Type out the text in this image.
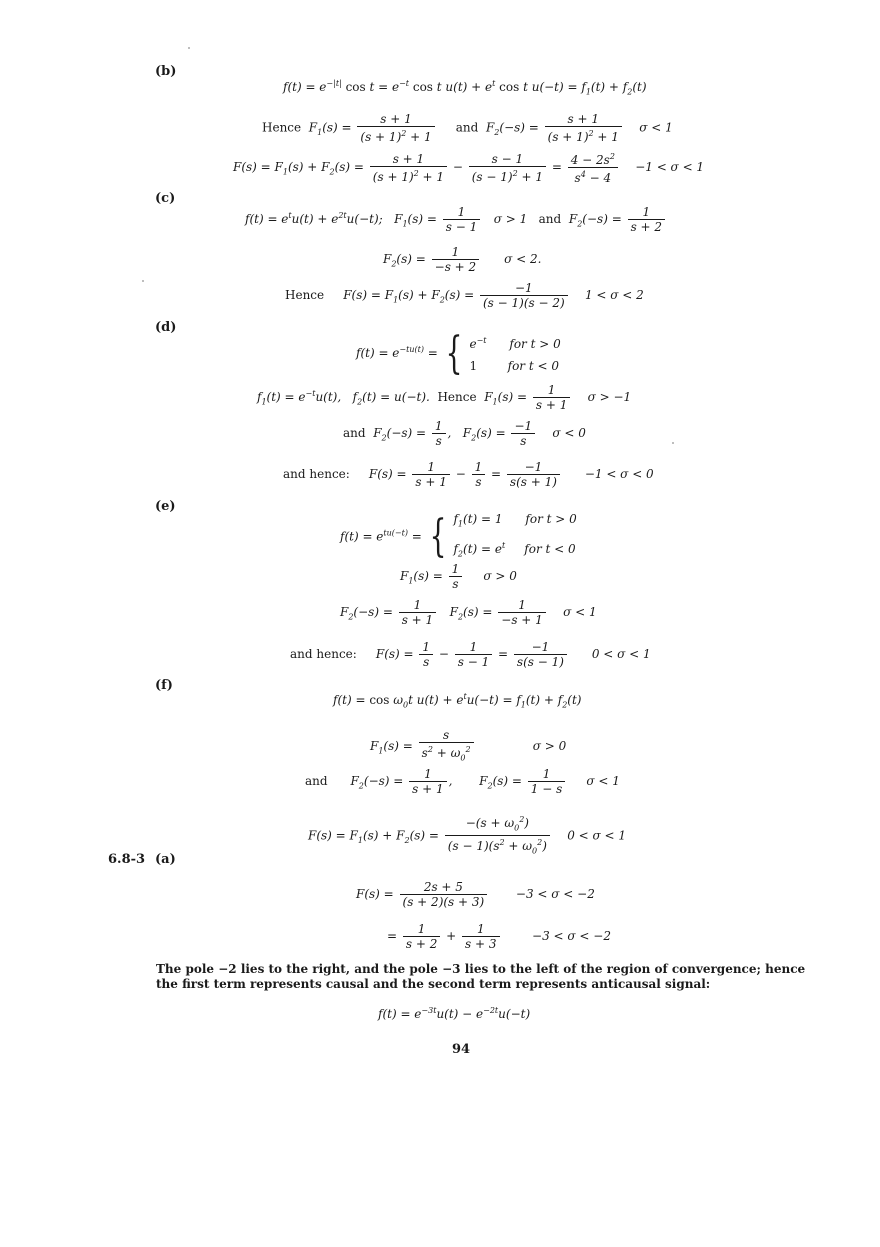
(b)
$f(t) = e^{-|t|}$ $\cos t = e^{-t}$ cos t $u(t) + e^t$ cos t $u(-t) = f_1(t) + f_2(t)$
Hence  $F_1(s) = \frac{s + 1}{(s + 1)^2 + 1}$ and  $F_2(-s) = \frac{s + 1}{(s + 1)^2 + 1}$ σ < 1
$F(s) = F_1(s) + F_2(s) = \frac{s + 1}{(s + 1)^2 + 1} - \frac{s - 1}{(s - 1)^2 + 1} = \frac{4 - 2s^2}{s^4 - 4} -1 < \sigma < 1$
(c)
$f(t) = e^tu(t) + e^{2t}u(-t)$;   $F_1(s) = \frac{1}{s - 1}$ σ > 1 and  $F_2(-s) = \frac{1}{s + 2}$
$F_2(s) = \frac{1}{-s + 2}$ σ < 2.
Hence     $F(s) = F_1(s) + F_2(s) = \frac{-1}{(s - 1)(s - 2)} 1 < \sigma < 2$
(d)
$f(t) = e^{-tu(t)}$ = { $e^{-t}$ for t > 0
1	for t < 0
$f_1(t) = e^{-t}u(t)$,   $f_2(t) = u(-t)$.  Hence  $F_1(s) = \frac{1}{s + 1}$ σ > −1
and  $F_2(-s) = \frac{1}{s}$ ,   $F_2(s) = \frac{-1}{s}$ σ < 0
and hence:     $F(s) = \frac{1}{s + 1} - \frac{1}{s} = \frac{-1}{s(s + 1)} -1 < \sigma < 0$
(e)
$f(t) = e^{tu(-t)}$ = { $f_1(t) = 1$      for t > 0
$f_2(t) = e^t$ for t < 0
$F_1(s) = \frac{1}{s}$ σ > 0
$F_2(-s) = \frac{1}{s + 1} F_2(s) = \frac{1}{-s + 1}$ σ < 1
and hence:     $F(s) = \frac{1}{s} - \frac{1}{s - 1} = \frac{-1}{s(s - 1)} 0 < \sigma < 1$
(f)
$f(t) = \cos \omega_0t$ $u(t) + e^tu(-t) = f_1(t) + f_2(t)$
$F_1(s) = \frac{s}{s^2 + \omega_0^2}$	σ > 0
and      $F_2(-s) = \frac{1}{s + 1}$ ,       $F_2(s) = \frac{1}{1 - s}$ σ < 1
$F(s) = F_1(s) + F_2(s) = \frac{-(s + \omega_0^2)}{(s - 1)(s^2 + \omega_0^2)} 0 < \sigma < 1$
6.8-3 (a)
$F(s) = \frac{2s + 5}{(s + 2)(s + 3)} -3 < \sigma < -2$
= $\frac{1}{s + 2} + \frac{1}{s + 3}$	−3 < σ < −2
The pole −2 lies to the right, and the pole −3 lies to the left of the region of convergence; hence the first term represents causal and the second term represents anticausal signal:
$f(t) = e^{-3t}u(t) - e^{-2t}u(-t)$
94
